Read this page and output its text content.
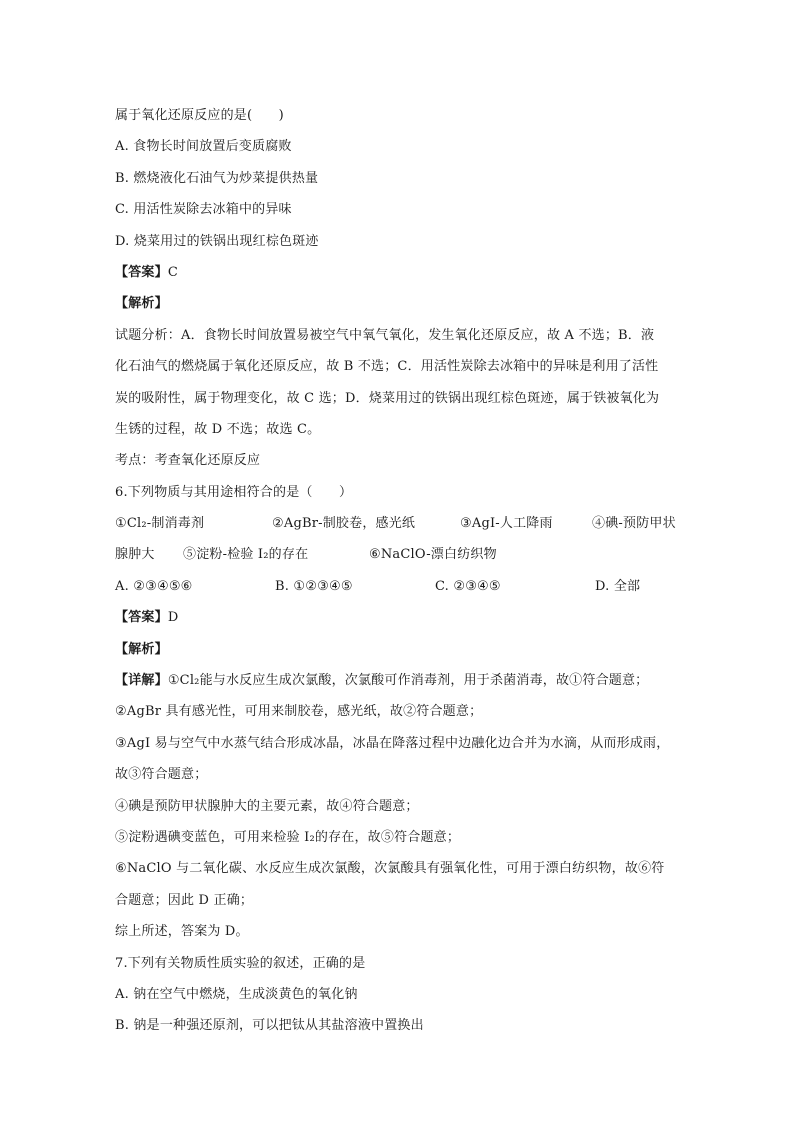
属于氧化还原反应的是(　　)
A. 食物长时间放置后变质腐败
B. 燃烧液化石油气为炒菜提供热量
C. 用活性炭除去冰箱中的异味
D. 烧菜用过的铁锅出现红棕色斑迹
【答案】C
【解析】
试题分析：A．食物长时间放置易被空气中氧气氧化，发生氧化还原反应，故 A 不选；B．液
化石油气的燃烧属于氧化还原反应，故 B 不选；C．用活性炭除去冰箱中的异味是利用了活性
炭的吸附性，属于物理变化，故 C 选；D．烧菜用过的铁锅出现红棕色斑迹，属于铁被氧化为
生锈的过程，故 D 不选；故选 C。
考点：考查氧化还原反应
6.下列物质与其用途相符合的是（　　）
①Cl₂-制消毒剂	②AgBr-制胶卷，感光纸	③AgI-人工降雨	④碘-预防甲状
腺肿大	⑤淀粉-检验 I₂的存在	⑥NaClO-漂白纺织物
A. ②③④⑤⑥	B. ①②③④⑤	C. ②③④⑤	D. 全部
【答案】D
【解析】
【详解】①Cl₂能与水反应生成次氯酸，次氯酸可作消毒剂，用于杀菌消毒，故①符合题意；
②AgBr 具有感光性，可用来制胶卷，感光纸，故②符合题意；
③AgI 易与空气中水蒸气结合形成冰晶，冰晶在降落过程中边融化边合并为水滴，从而形成雨，
故③符合题意；
④碘是预防甲状腺肿大的主要元素，故④符合题意；
⑤淀粉遇碘变蓝色，可用来检验 I₂的存在，故⑤符合题意；
⑥NaClO 与二氧化碳、水反应生成次氯酸，次氯酸具有强氧化性，可用于漂白纺织物，故⑥符
合题意；因此 D 正确；
综上所述，答案为 D。
7.下列有关物质性质实验的叙述，正确的是
A. 钠在空气中燃烧，生成淡黄色的氧化钠
B. 钠是一种强还原剂，可以把钛从其盐溶液中置换出
